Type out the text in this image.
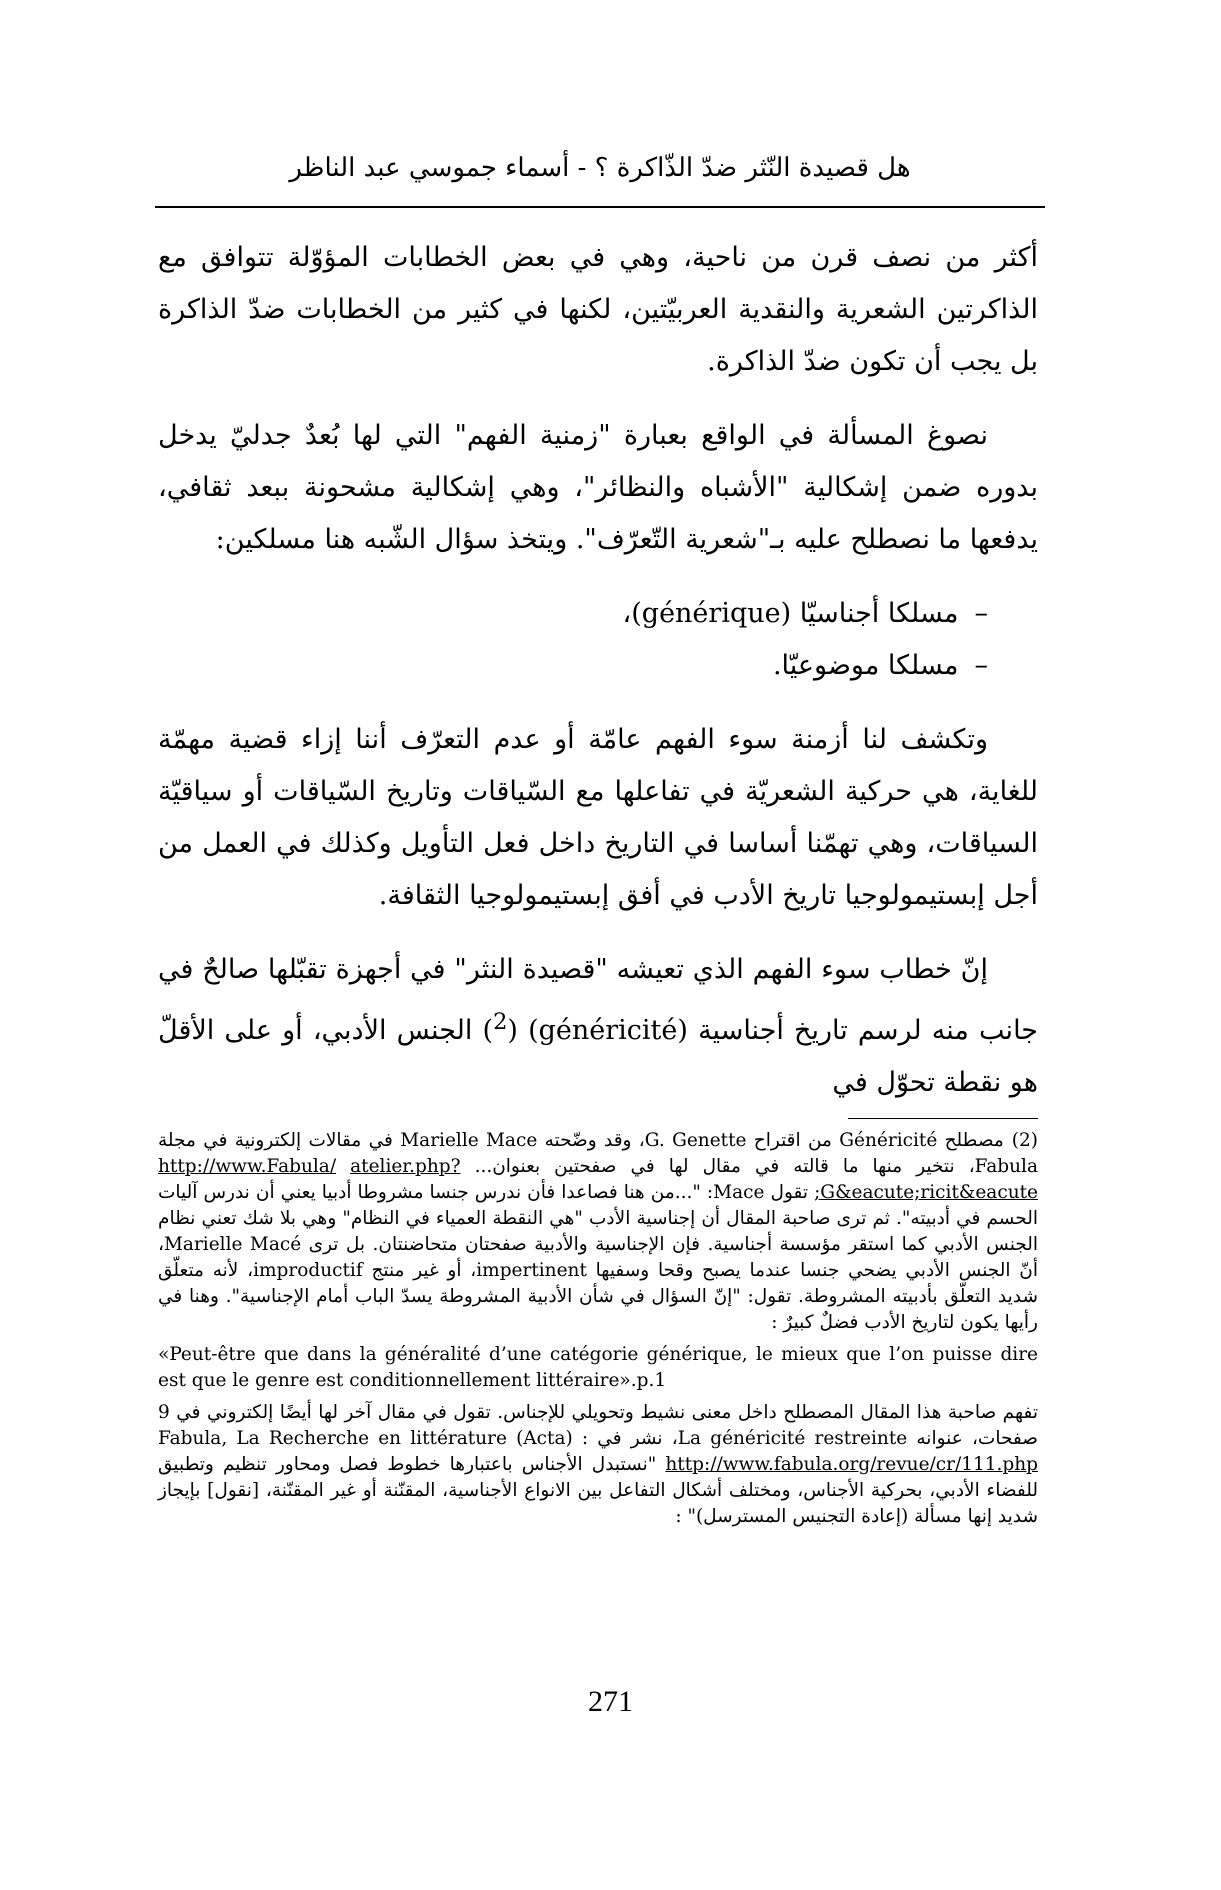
هل قصيدة النّثر ضدّ الذّاكرة ؟ - أسماء جموسي عبد الناظر

أكثر من نصف قرن من ناحية، وهي في بعض الخطابات المؤوّلة تتوافق مع الذاكرتين الشعرية والنقدية العربيّتين، لكنها في كثير من الخطابات ضدّ الذاكرة بل يجب أن تكون ضدّ الذاكرة.

نصوغ المسألة في الواقع بعبارة "زمنية الفهم" التي لها بُعدٌ جدليّ يدخل بدوره ضمن إشكالية "الأشباه والنظائر"، وهي إشكالية مشحونة ببعد ثقافي، يدفعها ما نصطلح عليه بـ"شعرية التّعرّف". ويتخذ سؤال الشّبه هنا مسلكين:

–مسلكا أجناسيّا (générique)،
–مسلكا موضوعيّا.

وتكشف لنا أزمنة سوء الفهم عامّة أو عدم التعرّف أننا إزاء قضية مهمّة للغاية، هي حركية الشعريّة في تفاعلها مع السّياقات وتاريخ السّياقات أو سياقيّة السياقات، وهي تهمّنا أساسا في التاريخ داخل فعل التأويل وكذلك في العمل من أجل إبستيمولوجيا تاريخ الأدب في أفق إبستيمولوجيا الثقافة.

إنّ خطاب سوء الفهم الذي تعيشه "قصيدة النثر" في أجهزة تقبّلها صالحٌ في جانب منه لرسم تاريخ أجناسية (généricité) ($^2$) الجنس الأدبي، أو على الأقلّ هو نقطة تحوّل في

(2)مصطلح Généricité من اقتراح G. Genette، وقد وضّحته Marielle Mace في مقالات إلكترونية في مجلة Fabula، نتخير منها ما قالته في مقال لها في صفحتين بعنوان... http://www.Fabula/ atelier.php?G&eacute;ricit&eacute; تقول Mace: "...من هنا فصاعدا فأن ندرس جنسا مشروطا أدبيا يعني أن ندرس آليات الحسم في أدبيته". ثم ترى صاحبة المقال أن إجناسية الأدب "هي النقطة العمياء في النظام" وهي بلا شك تعني نظام الجنس الأدبي كما استقر مؤسسة أجناسية. فإن الإجناسية والأدبية صفحتان متحاضنتان. بل ترى Marielle Macé، أنّ الجنس الأدبي يضحي جنسا عندما يصبح وقحا وسفيها impertinent، أو غير منتج improductif، لأنه متعلّق شديد التعلّق بأدبيته المشروطة. تقول: "إنّ السؤال في شأن الأدبية المشروطة يسدّ الباب أمام الإجناسية". وهنا في رأيها يكون لتاريخ الأدب فضلٌ كبيرٌ :

«Peut-être que dans la généralité d’une catégorie générique, le mieux que l’on puisse dire est que le genre est conditionnellement littéraire».p.1

تفهم صاحبة هذا المقال المصطلح داخل معنى نشيط وتحويلي للإجناس. تقول في مقال آخر لها أيضًا إلكتروني في 9 صفحات، عنوانه La généricité restreinte، نشر في Fabula, La Recherche en littérature (Acta) : http://www.fabula.org/revue/cr/111.php "نستبدل الأجناس باعتبارها خطوط فصل ومحاور تنظيم وتطبيق للفضاء الأدبي، بحركية الأجناس، ومختلف أشكال التفاعل بين الانواع الأجناسية، المقنّنة أو غير المقنّنة، [نقول] بإيجاز شديد إنها مسألة (إعادة التجنيس المسترسل)" :

271
